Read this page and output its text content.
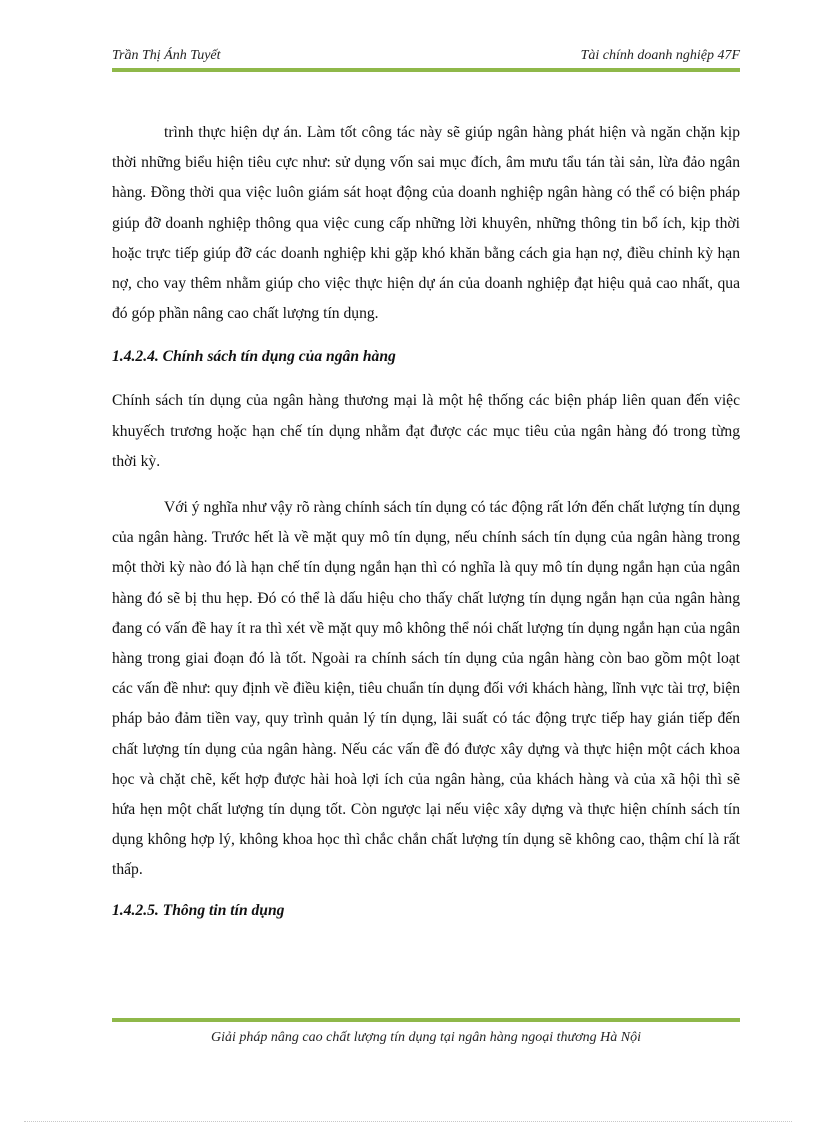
Trần Thị Ánh Tuyết	Tài chính doanh nghiệp 47F

trình thực hiện dự án. Làm tốt công tác này sẽ giúp ngân hàng phát hiện và ngăn chặn kịp thời những biểu hiện tiêu cực như: sử dụng vốn sai mục đích, âm mưu tẩu tán tài sản, lừa đảo ngân hàng. Đồng thời qua việc luôn giám sát hoạt động của doanh nghiệp ngân hàng có thể có biện pháp giúp đỡ doanh nghiệp thông qua việc cung cấp những lời khuyên, những thông tin bổ ích, kịp thời hoặc trực tiếp giúp đỡ các doanh nghiệp khi gặp khó khăn bằng cách gia hạn nợ, điều chỉnh kỳ hạn nợ, cho vay thêm nhằm giúp cho việc thực hiện dự án của doanh nghiệp đạt hiệu quả cao nhất, qua đó góp phần nâng cao chất lượng tín dụng.

1.4.2.4. Chính sách tín dụng của ngân hàng

Chính sách tín dụng của ngân hàng thương mại là một hệ thống các biện pháp liên quan đến việc khuyếch trương hoặc hạn chế tín dụng nhằm đạt được các mục tiêu của ngân hàng đó trong từng thời kỳ.

Với ý nghĩa như vậy rõ ràng chính sách tín dụng có tác động rất lớn đến chất lượng tín dụng của ngân hàng. Trước hết là về mặt quy mô tín dụng, nếu chính sách tín dụng của ngân hàng trong một thời kỳ nào đó là hạn chế tín dụng ngắn hạn thì có nghĩa là quy mô tín dụng ngắn hạn của ngân hàng đó sẽ bị thu hẹp. Đó có thể là dấu hiệu cho thấy chất lượng tín dụng ngắn hạn của ngân hàng đang có vấn đề hay ít ra thì xét về mặt quy mô không thể nói chất lượng tín dụng ngắn hạn của ngân hàng trong giai đoạn đó là tốt. Ngoài ra chính sách tín dụng của ngân hàng còn bao gồm một loạt các vấn đề như: quy định về điều kiện, tiêu chuẩn tín dụng đối với khách hàng, lĩnh vực tài trợ, biện pháp bảo đảm tiền vay, quy trình quản lý tín dụng, lãi suất có tác động trực tiếp hay gián tiếp đến chất lượng tín dụng của ngân hàng. Nếu các vấn đề đó được xây dựng và thực hiện một cách khoa học và chặt chẽ, kết hợp được hài hoà lợi ích của ngân hàng, của khách hàng và của xã hội thì sẽ hứa hẹn một chất lượng tín dụng tốt. Còn ngược lại nếu việc xây dựng và thực hiện chính sách tín dụng không hợp lý, không khoa học thì chắc chắn chất lượng tín dụng sẽ không cao, thậm chí là rất thấp.

1.4.2.5. Thông tin tín dụng

Giải pháp nâng cao chất lượng tín dụng tại ngân hàng ngoại thương Hà Nội
